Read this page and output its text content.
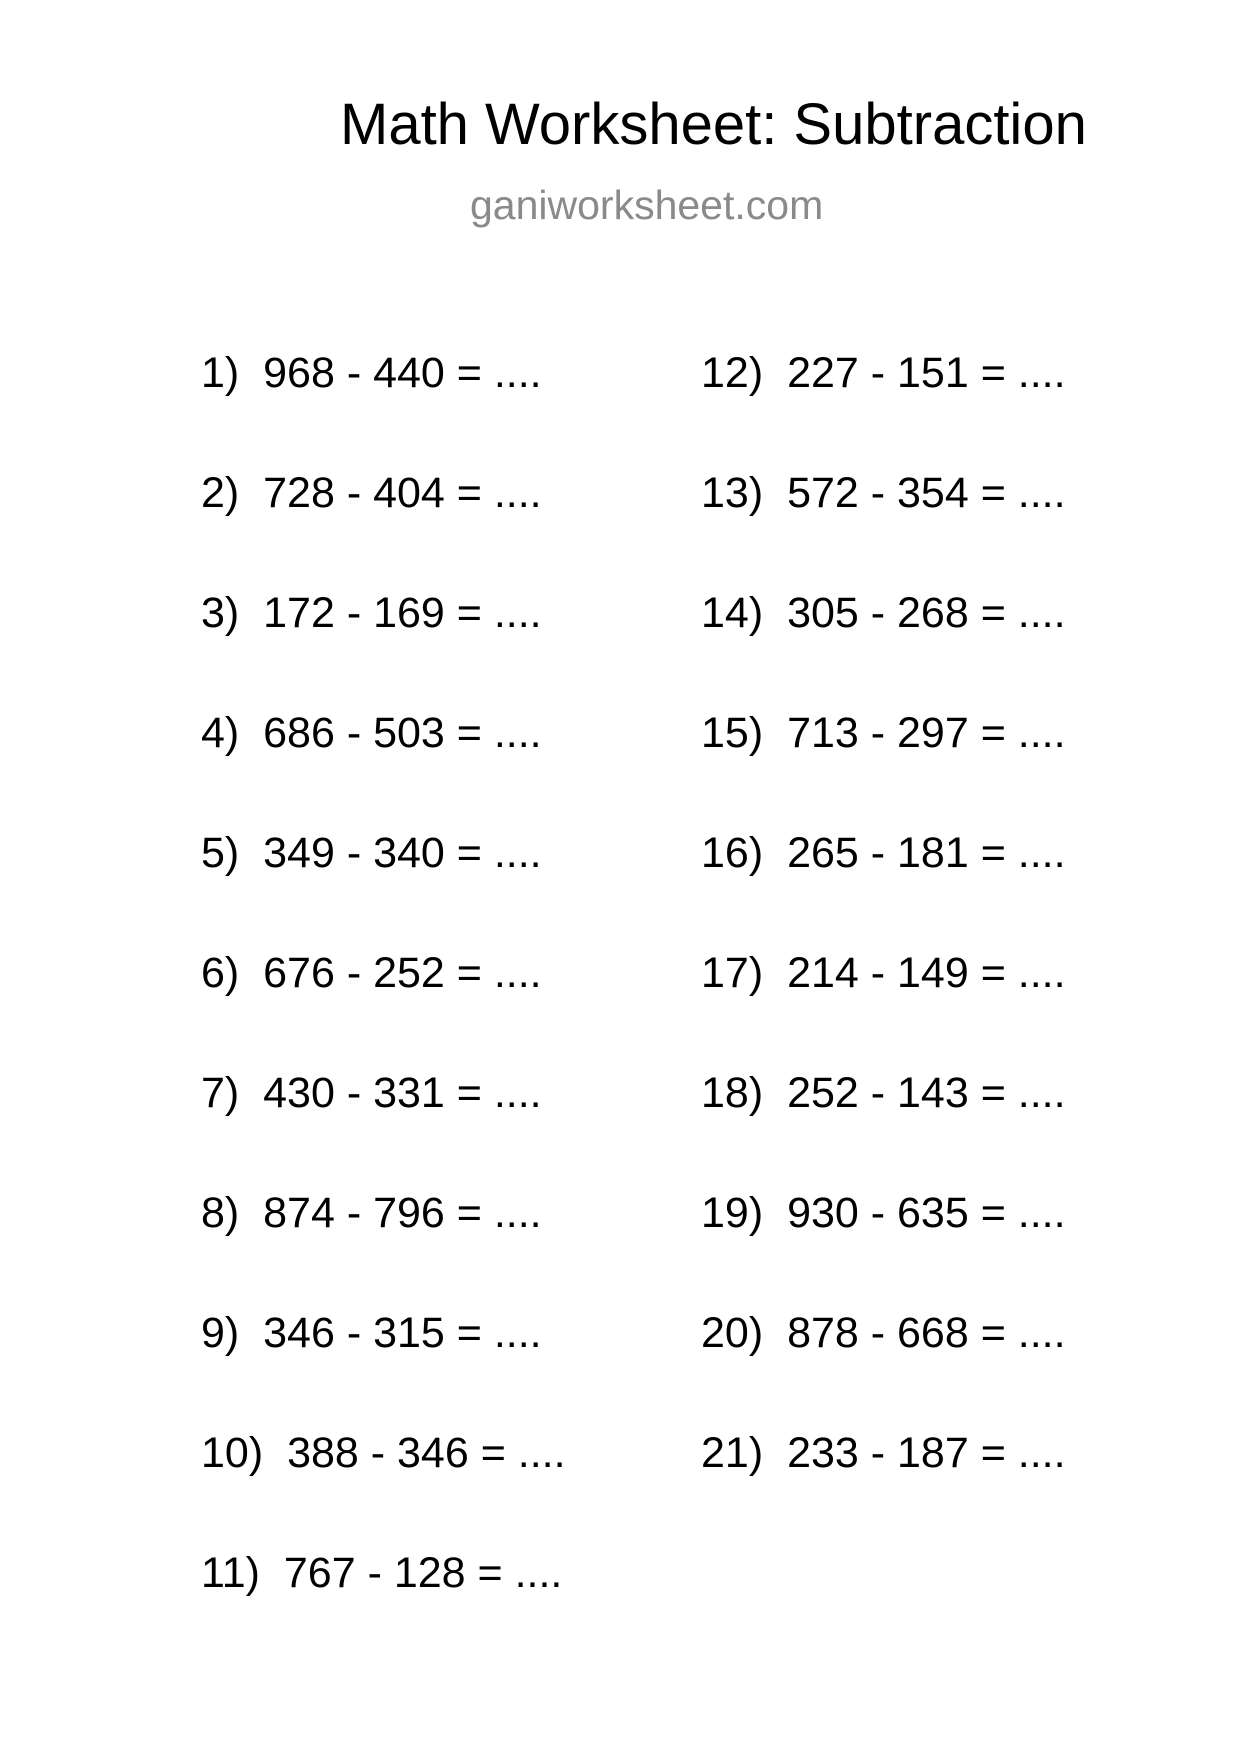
Math Worksheet: Subtraction
ganiworksheet.com
1) 968 - 440 = ....
2) 728 - 404 = ....
3) 172 - 169 = ....
4) 686 - 503 = ....
5) 349 - 340 = ....
6) 676 - 252 = ....
7) 430 - 331 = ....
8) 874 - 796 = ....
9) 346 - 315 = ....
10) 388 - 346 = ....
11) 767 - 128 = ....
12) 227 - 151 = ....
13) 572 - 354 = ....
14) 305 - 268 = ....
15) 713 - 297 = ....
16) 265 - 181 = ....
17) 214 - 149 = ....
18) 252 - 143 = ....
19) 930 - 635 = ....
20) 878 - 668 = ....
21) 233 - 187 = ....
